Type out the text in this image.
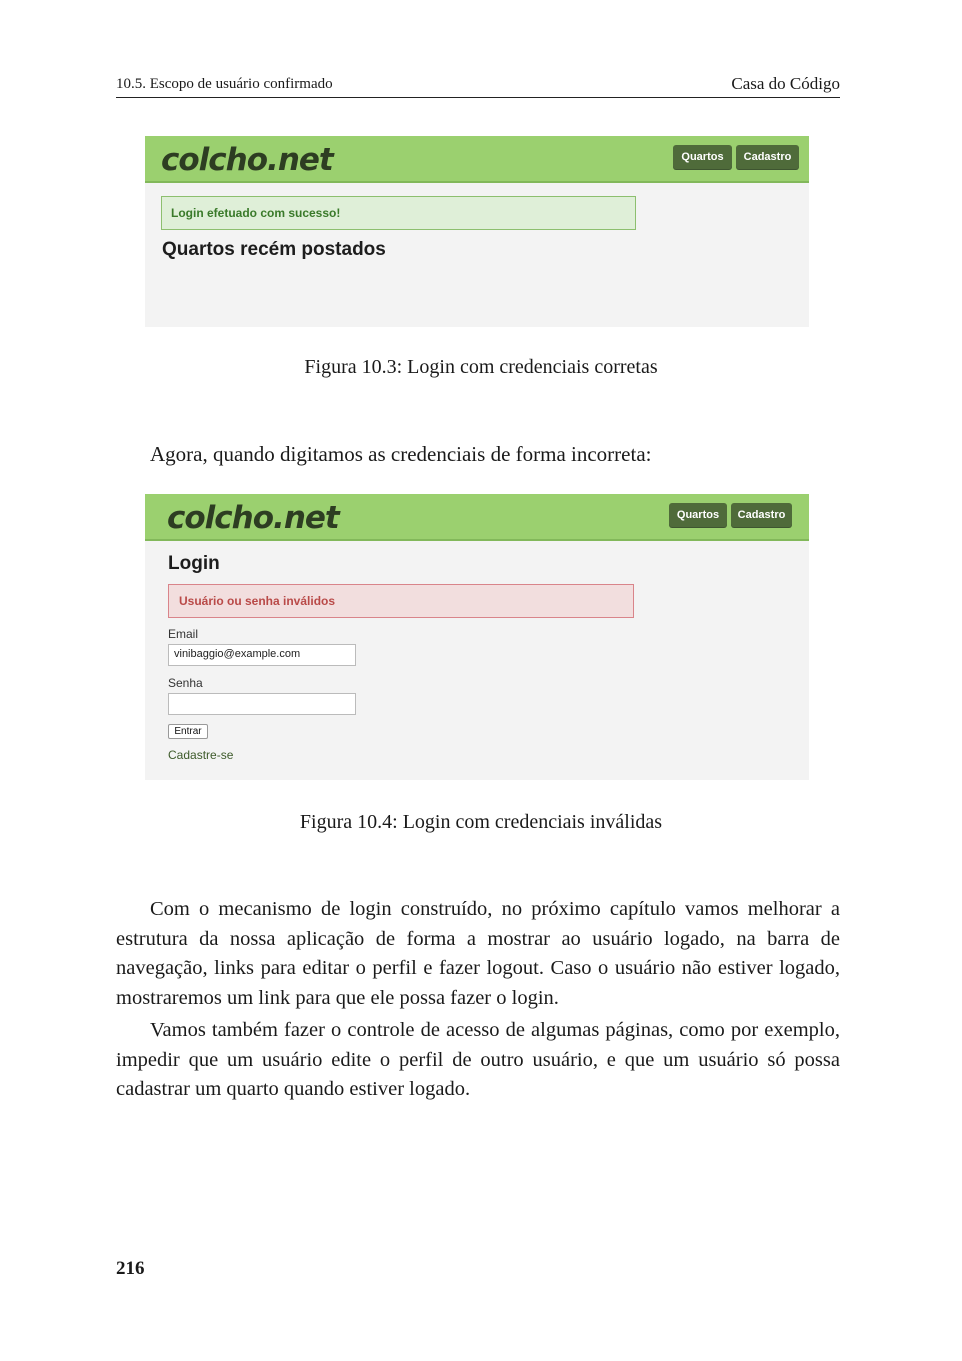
10.5. Escopo de usuário confirmado	Casa do Código
colcho.net	Quartos	Cadastro
Login efetuado com sucesso!
Quartos recém postados
Figura 10.3: Login com credenciais corretas
Agora, quando digitamos as credenciais de forma incorreta:
colcho.net	Quartos	Cadastro
Login
Usuário ou senha inválidos
Email
vinibaggio@example.com
Senha
Entrar
Cadastre-se
Figura 10.4: Login com credenciais inválidas

Com o mecanismo de login construído, no próximo capítulo vamos melhorar a estrutura da nossa aplicação de forma a mostrar ao usuário logado, na barra de navegação, links para editar o perfil e fazer logout. Caso o usuário não estiver logado, mostraremos um link para que ele possa fazer o login.

Vamos também fazer o controle de acesso de algumas páginas, como por exemplo, impedir que um usuário edite o perfil de outro usuário, e que um usuário só possa cadastrar um quarto quando estiver logado.

216
